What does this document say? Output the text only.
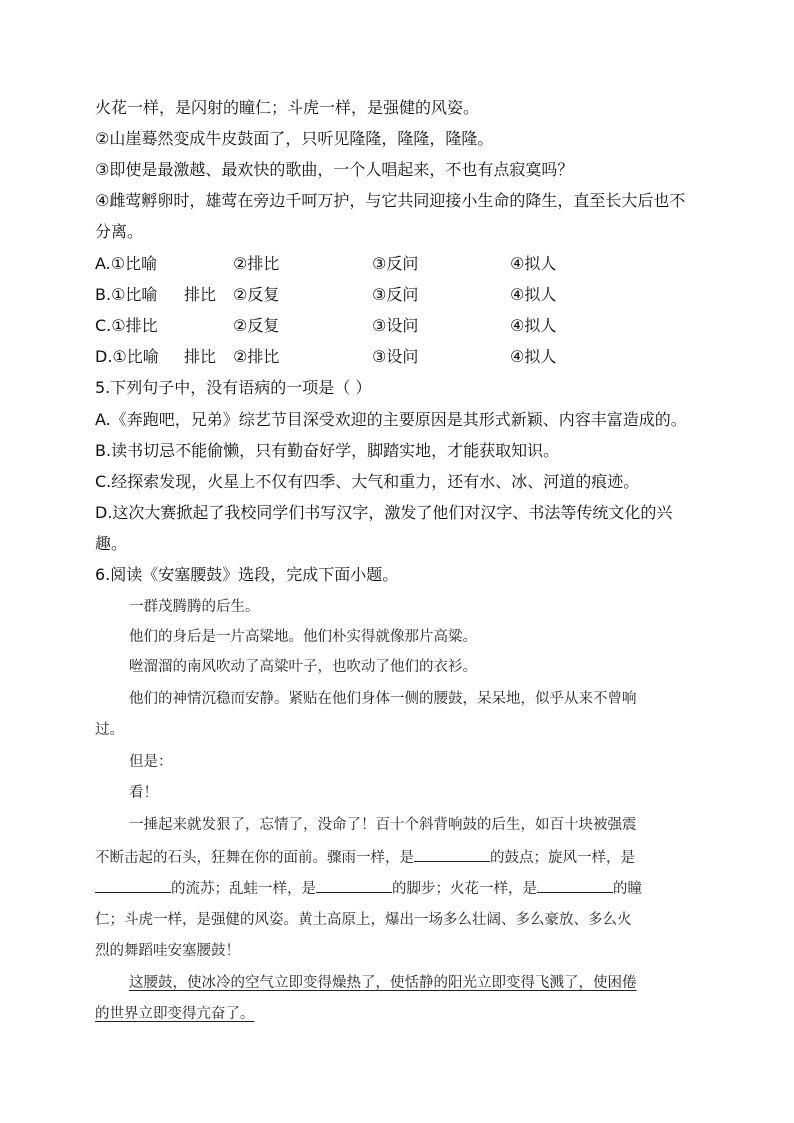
火花一样，是闪射的瞳仁；斗虎一样，是强健的风姿。
②山崖蓦然变成牛皮鼓面了，只听见隆隆，隆隆，隆隆。
③即使是最激越、最欢快的歌曲，一个人唱起来，不也有点寂寞吗？
④雌莺孵卵时，雄莺在旁边千呵万护，与它共同迎接小生命的降生，直至长大后也不
分离。
A.①比喻	②排比	③反问	④拟人
B.①比喻 排比 ②反复	③反问	④拟人
C.①排比	②反复	③设问	④拟人
D.①比喻 排比 ②排比	③设问	④拟人
5.下列句子中，没有语病的一项是（ ）
A.《奔跑吧，兄弟》综艺节目深受欢迎的主要原因是其形式新颖、内容丰富造成的。
B.读书切忌不能偷懒，只有勤奋好学，脚踏实地，才能获取知识。
C.经探索发现，火星上不仅有四季、大气和重力，还有水、冰、河道的痕迹。
D.这次大赛掀起了我校同学们书写汉字，激发了他们对汉字、书法等传统文化的兴
趣。
6.阅读《安塞腰鼓》选段，完成下面小题。
一群茂腾腾的后生。
他们的身后是一片高粱地。他们朴实得就像那片高粱。
咝溜溜的南风吹动了高粱叶子，也吹动了他们的衣衫。
他们的神情沉稳而安静。紧贴在他们身体一侧的腰鼓，呆呆地，似乎从来不曾响
过。
但是：
看！
一捶起来就发狠了，忘情了，没命了！百十个斜背响鼓的后生，如百十块被强震
不断击起的石头，狂舞在你的面前。骤雨一样，是	的鼓点；旋风一样，是
的流苏；乱蛙一样，是	的脚步；火花一样，是	的瞳
仁；斗虎一样，是强健的风姿。黄土高原上，爆出一场多么壮阔、多么豪放、多么火
烈的舞蹈哇安塞腰鼓！
这腰鼓，使冰冷的空气立即变得燥热了，使恬静的阳光立即变得飞溅了，使困倦
的世界立即变得亢奋了。
